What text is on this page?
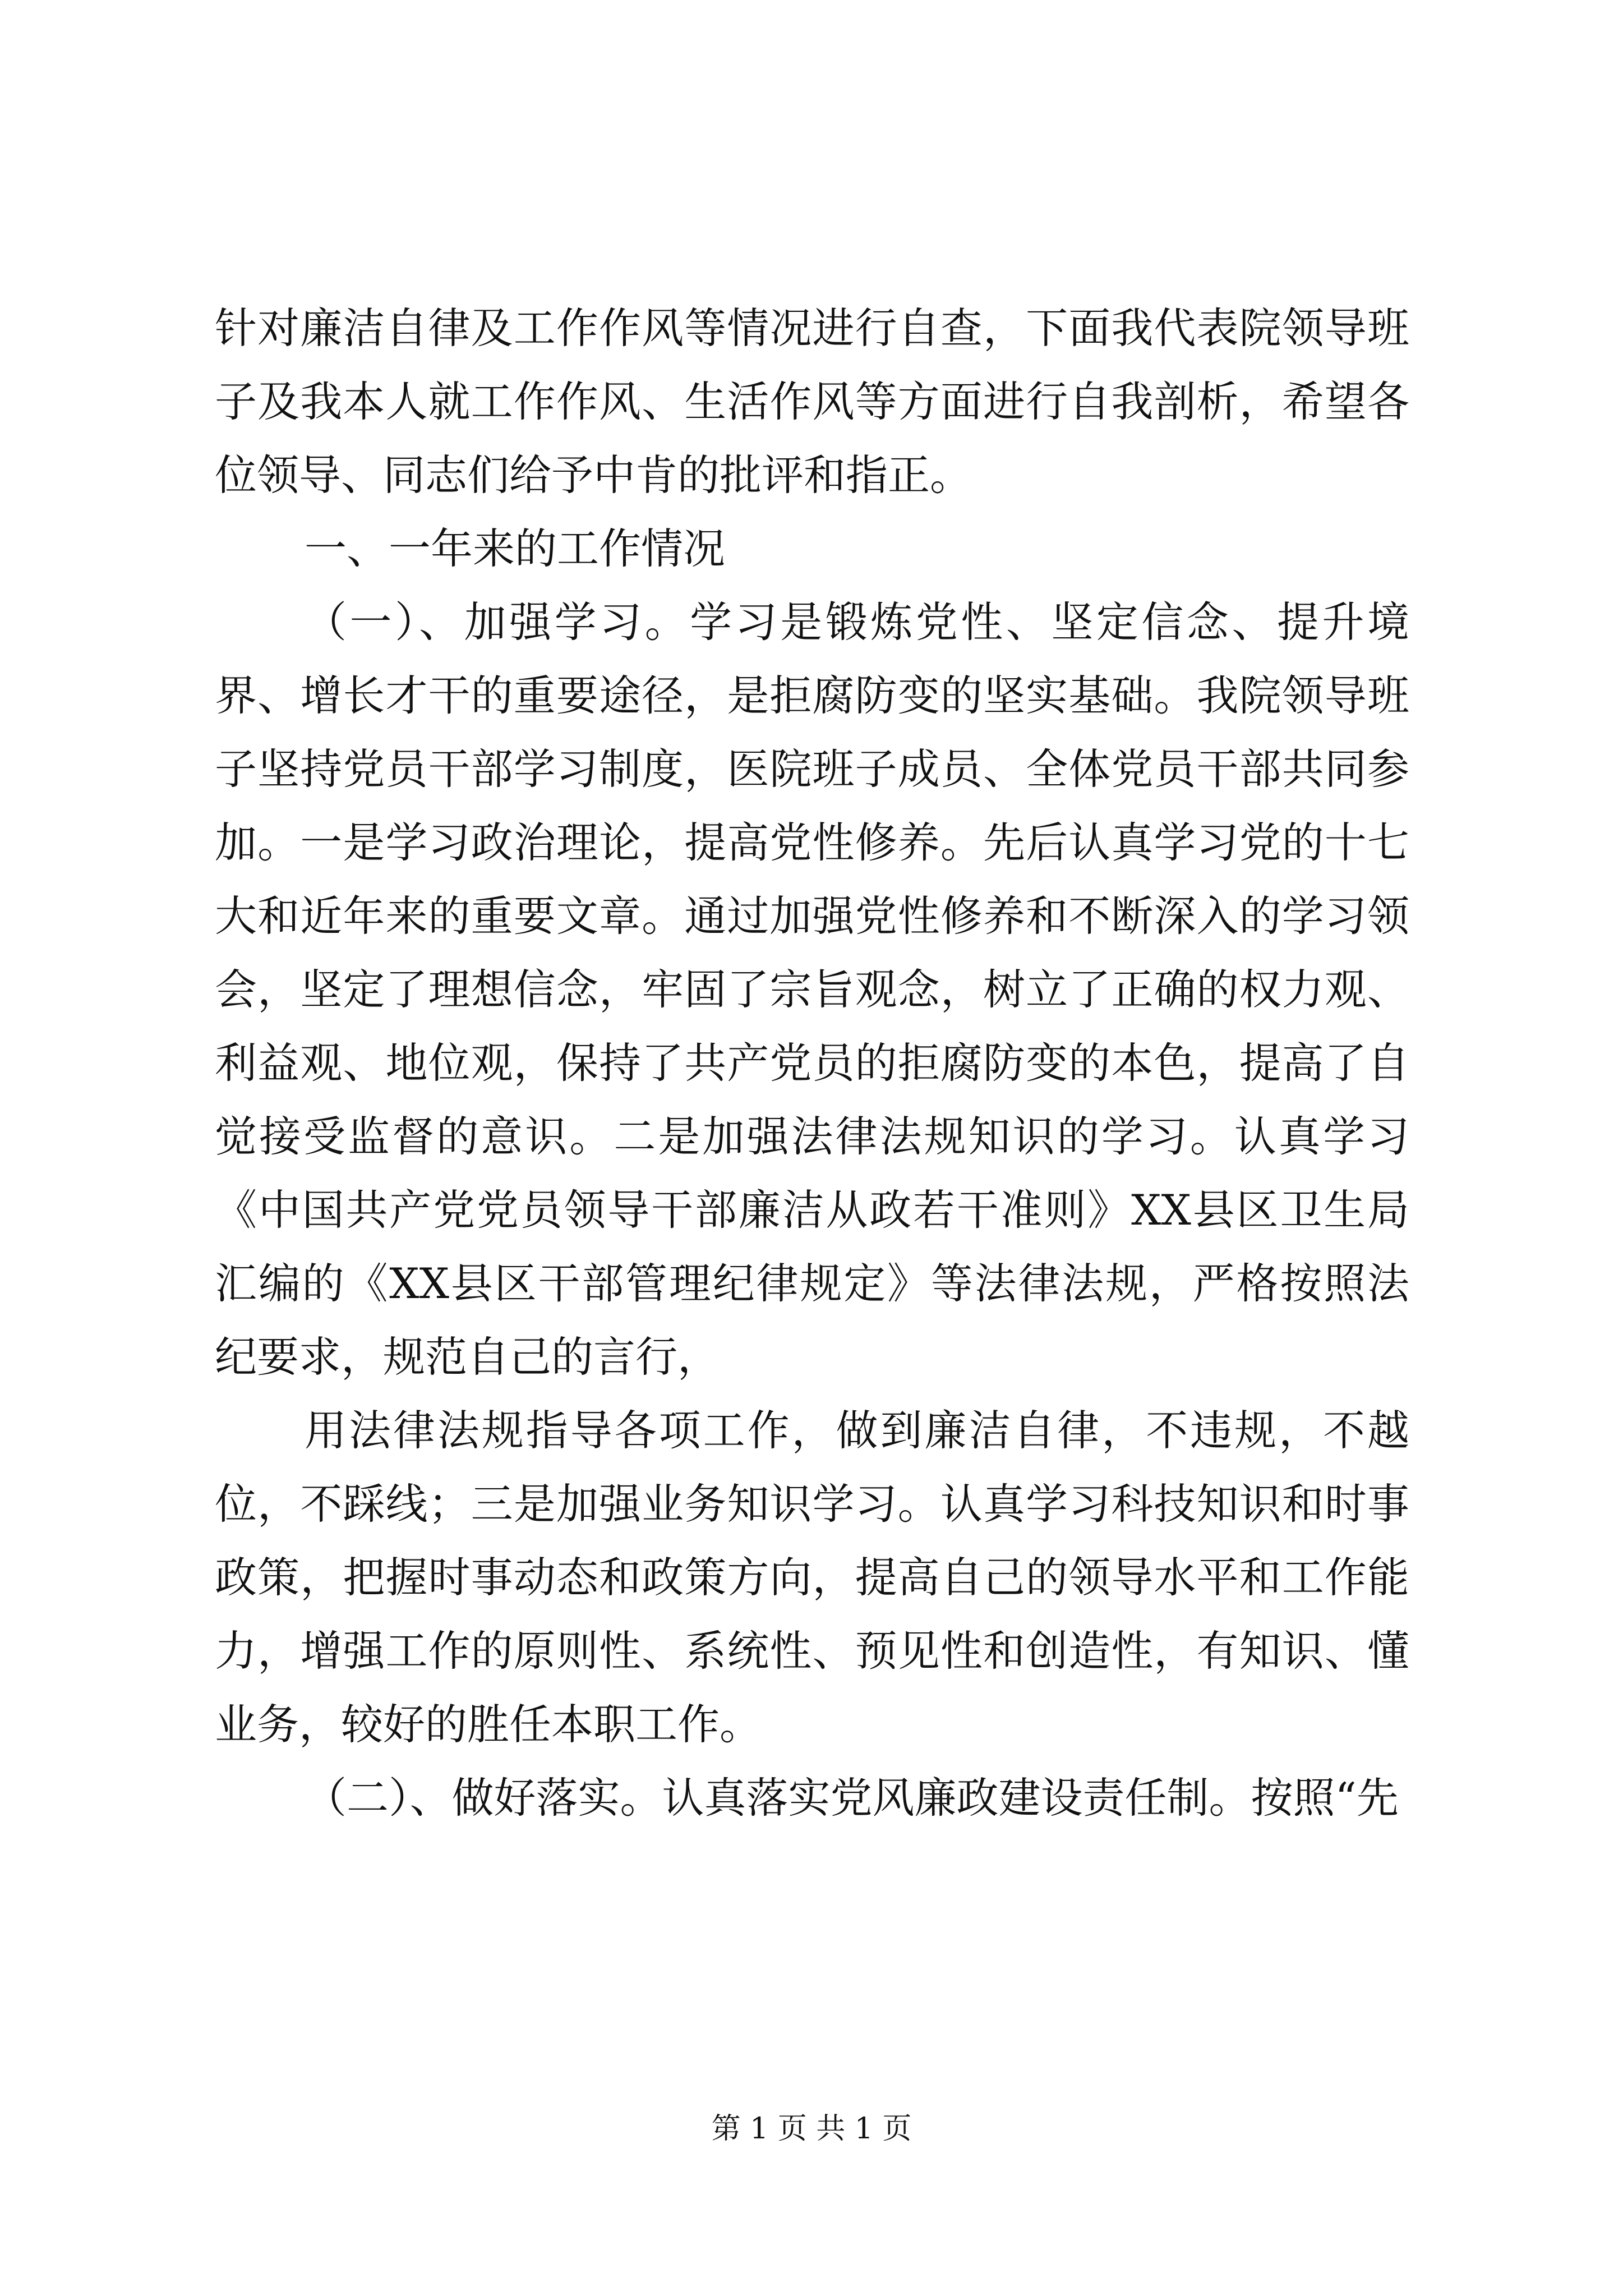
针对廉洁自律及工作作风等情况进行自查，下面我代表院领导班子及我本人就工作作风、生活作风等方面进行自我剖析，希望各位领导、同志们给予中肯的批评和指正。

一、一年来的工作情况

（一）、加强学习。学习是锻炼党性、坚定信念、提升境界、增长才干的重要途径，是拒腐防变的坚实基础。我院领导班子坚持党员干部学习制度，医院班子成员、全体党员干部共同参加。一是学习政治理论，提高党性修养。先后认真学习党的十七大和近年来的重要文章。通过加强党性修养和不断深入的学习领会，坚定了理想信念，牢固了宗旨观念，树立了正确的权力观、利益观、地位观，保持了共产党员的拒腐防变的本色，提高了自觉接受监督的意识。二是加强法律法规知识的学习。认真学习《中国共产党党员领导干部廉洁从政若干准则》XX县区卫生局汇编的《XX县区干部管理纪律规定》等法律法规，严格按照法纪要求，规范自己的言行，

用法律法规指导各项工作，做到廉洁自律，不违规，不越位，不踩线；三是加强业务知识学习。认真学习科技知识和时事政策，把握时事动态和政策方向，提高自己的领导水平和工作能力，增强工作的原则性、系统性、预见性和创造性，有知识、懂业务，较好的胜任本职工作。

（二）、做好落实。认真落实党风廉政建设责任制。按照“先

第 1 页 共 1 页
